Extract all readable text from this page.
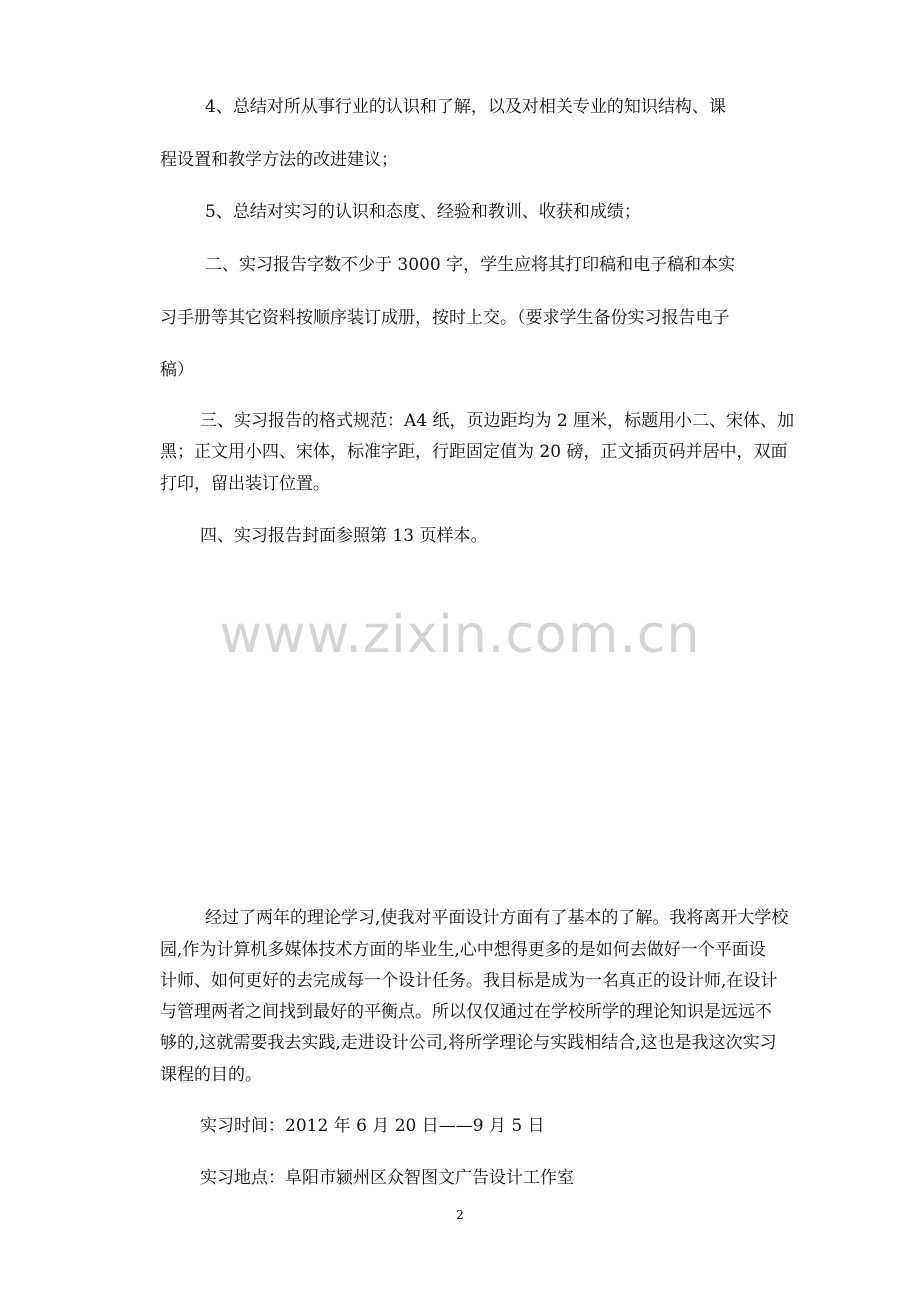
4、总结对所从事行业的认识和了解，以及对相关专业的知识结构、课
程设置和教学方法的改进建议；
5、总结对实习的认识和态度、经验和教训、收获和成绩；
二、实习报告字数不少于 3000 字，学生应将其打印稿和电子稿和本实
习手册等其它资料按顺序装订成册，按时上交。（要求学生备份实习报告电子
稿）
三、实习报告的格式规范：A4 纸，页边距均为 2 厘米，标题用小二、宋体、加
黑；正文用小四、宋体，标准字距，行距固定值为 20 磅，正文插页码并居中，双面
打印，留出装订位置。
四、实习报告封面参照第 13 页样本。
www.zixin.com.cn
经过了两年的理论学习,使我对平面设计方面有了基本的了解。我将离开大学校
园,作为计算机多媒体技术方面的毕业生,心中想得更多的是如何去做好一个平面设
计师、如何更好的去完成每一个设计任务。我目标是成为一名真正的设计师,在设计
与管理两者之间找到最好的平衡点。所以仅仅通过在学校所学的理论知识是远远不
够的,这就需要我去实践,走进设计公司,将所学理论与实践相结合,这也是我这次实习
课程的目的。
实习时间：2012 年 6 月 20 日——9 月 5 日
实习地点：阜阳市颍州区众智图文广告设计工作室
2
